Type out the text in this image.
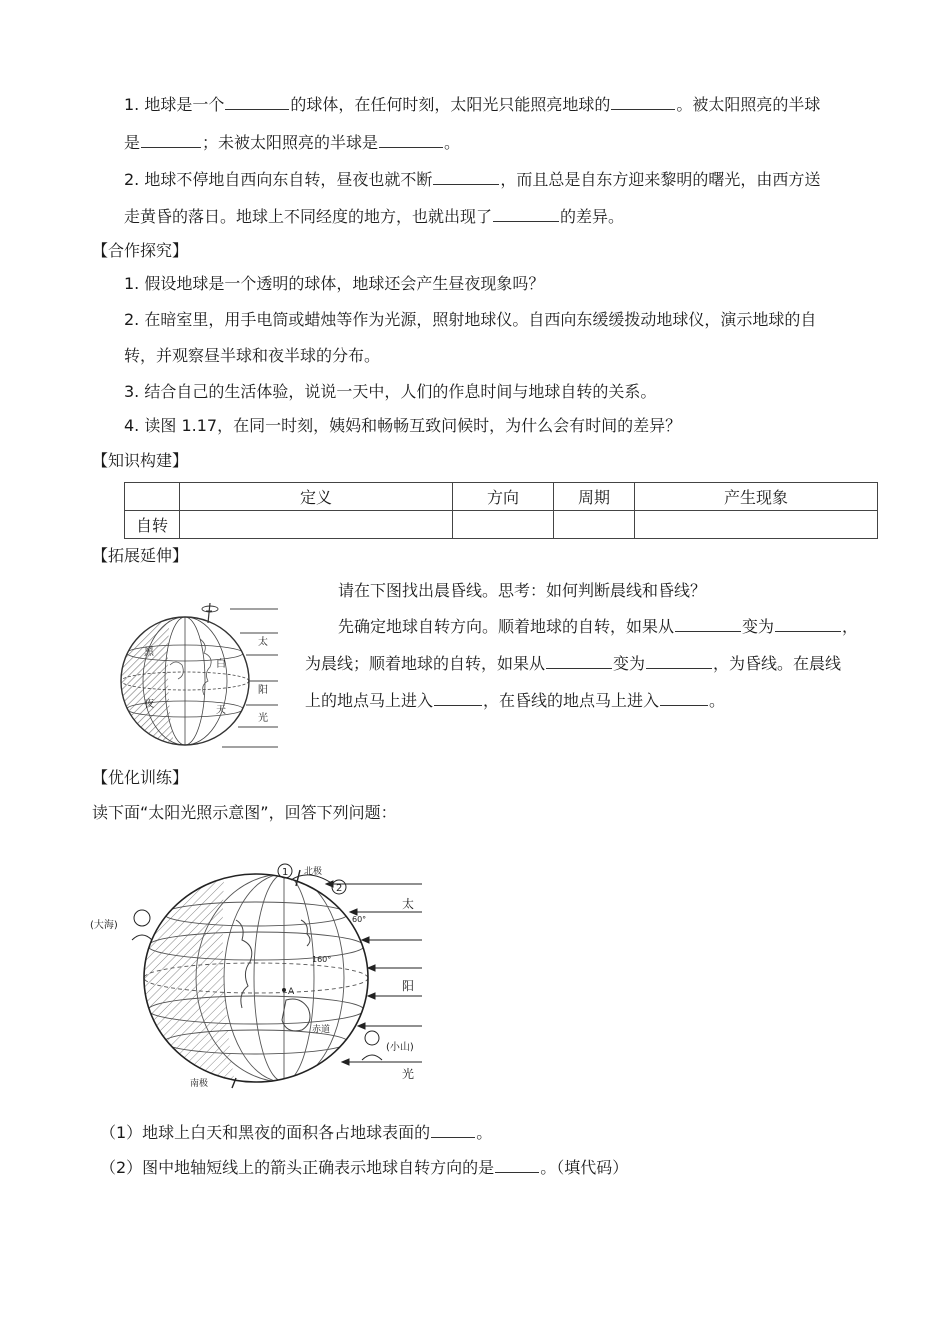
1. 地球是一个	的球体，在任何时刻，太阳光只能照亮地球的	。被太阳照亮的半球
是	；未被太阳照亮的半球是	。
2. 地球不停地自西向东自转，昼夜也就不断	，而且总是自东方迎来黎明的曙光，由西方送
走黄昏的落日。地球上不同经度的地方，也就出现了	的差异。
【合作探究】
1. 假设地球是一个透明的球体，地球还会产生昼夜现象吗？
2. 在暗室里，用手电筒或蜡烛等作为光源，照射地球仪。自西向东缓缓拨动地球仪，演示地球的自
转，并观察昼半球和夜半球的分布。
3. 结合自己的生活体验，说说一天中，人们的作息时间与地球自转的关系。
4. 读图 1.17，在同一时刻，姨妈和畅畅互致问候时，为什么会有时间的差异？
【知识构建】
	定义	方向	周期	产生现象
自转				
【拓展延伸】
太
阳
光
黑
夜
白
天
请在下图找出晨昏线。思考：如何判断晨线和昏线？
先确定地球自转方向。顺着地球的自转，如果从	变为	，
为晨线；顺着地球的自转，如果从	变为	，为昏线。在晨线
上的地点马上进入	，在昏线的地点马上进入	。
【优化训练】
读下面“太阳光照示意图”，回答下列问题：
1
2
北极
南极
60°
160°
A
赤道
(大海)
(小山)
太
阳
光
（1）地球上白天和黑夜的面积各占地球表面的	。
（2）图中地轴短线上的箭头正确表示地球自转方向的是	。（填代码）
